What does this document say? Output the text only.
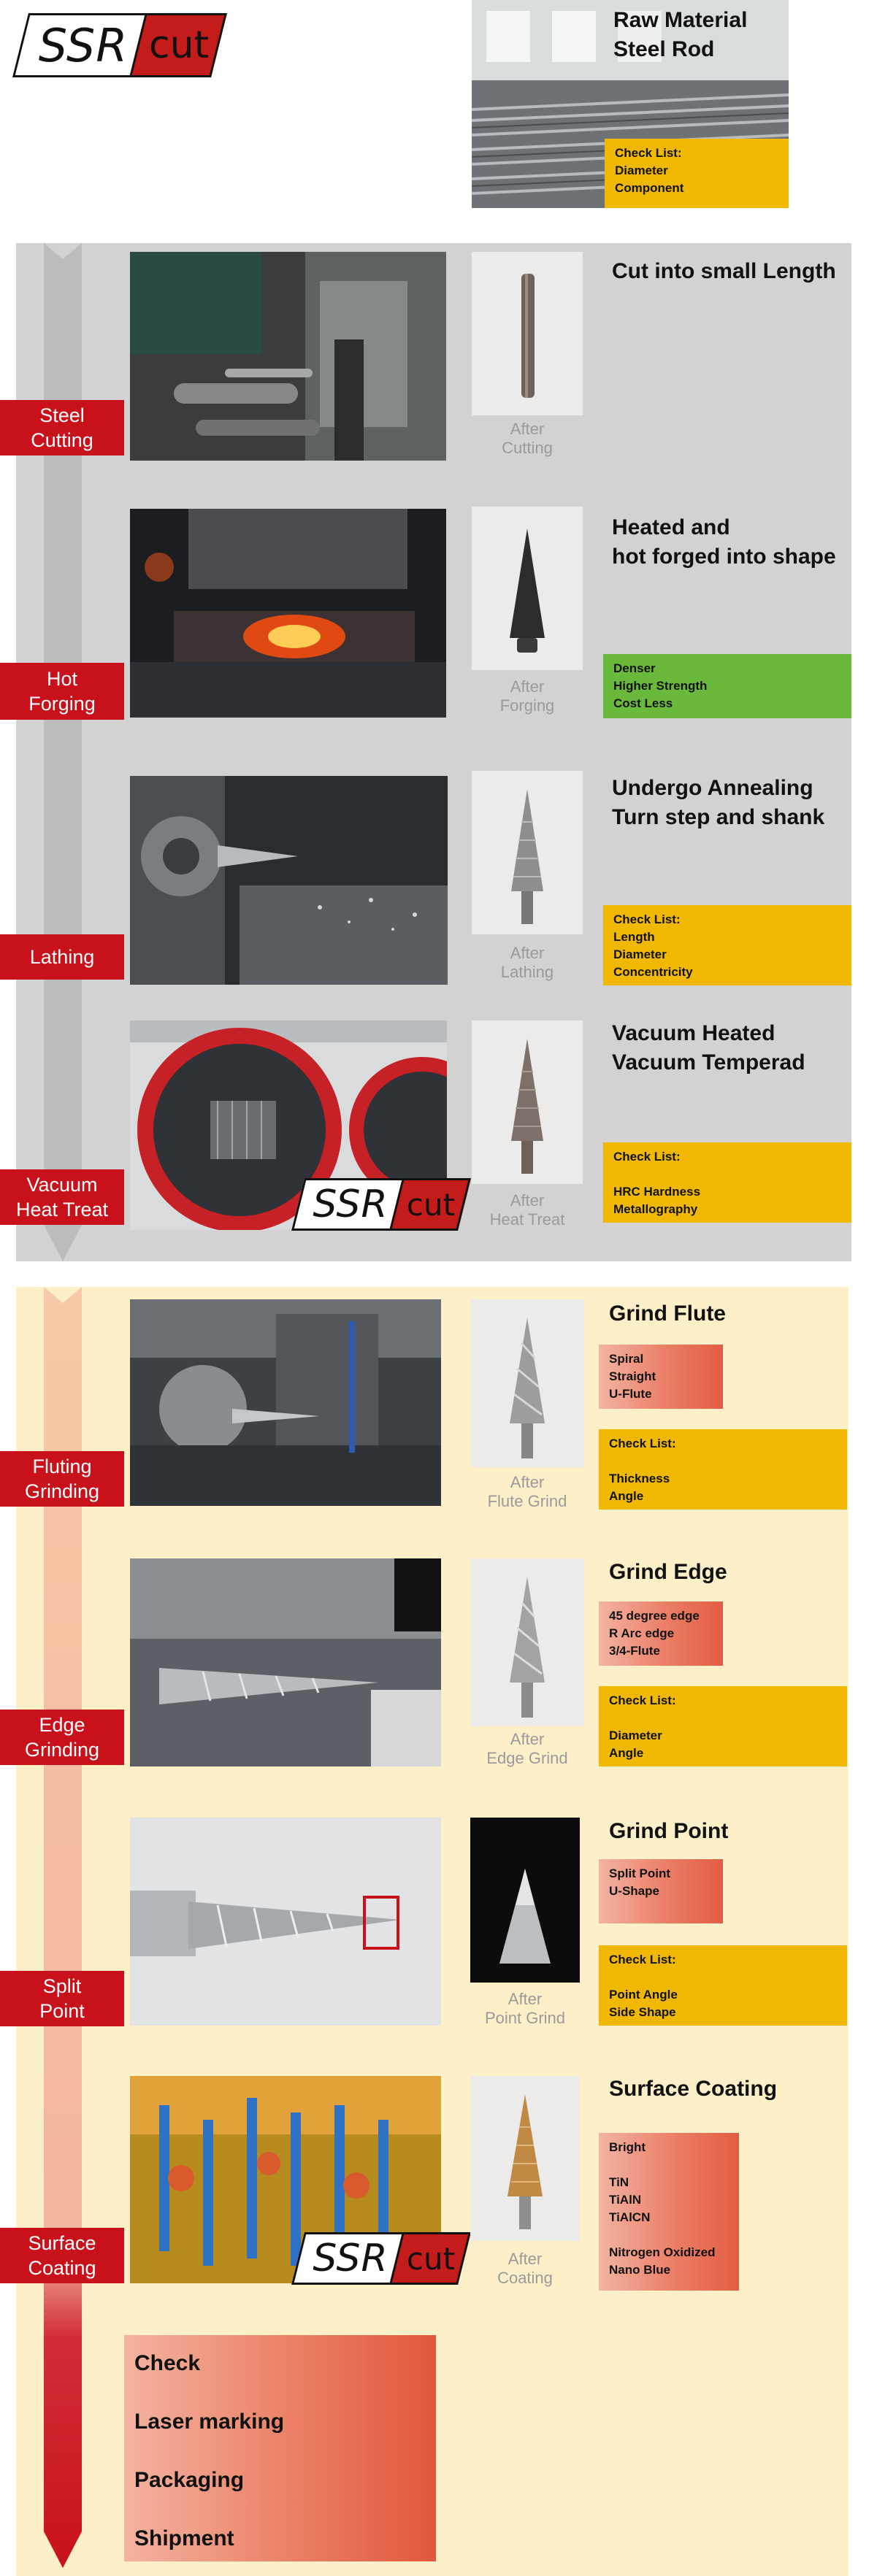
SSR cut
Raw Material
Steel Rod
Check List:
Diameter
Component
After
Cutting
Cut into small Length
Steel
Cutting
After
Forging
Heated and
hot forged into shape
Denser
Higher Strength
Cost Less
Hot
Forging
After
Lathing
Undergo Annealing
Turn step and shank
Check List:
Length
Diameter
Concentricity
Lathing
SSR cut	After
Heat Treat
Vacuum Heated
Vacuum Temperad
Check List:

HRC Hardness
Metallography
Vacuum
Heat Treat
After
Flute Grind
Grind Flute
Spiral
Straight
U-Flute
Check List:

Thickness
Angle
Fluting
Grinding
After
Edge Grind
Grind Edge
45 degree edge
R Arc edge
3/4-Flute
Check List:

Diameter
Angle
Edge
Grinding
After
Point Grind
Grind Point
Split Point
U-Shape
Check List:

Point Angle
Side Shape
Split
Point
SSR cut	After
Coating
Surface Coating
Bright

TiN
TiAlN
TiAlCN

Nitrogen Oxidized
Nano Blue
Surface
Coating
Check
Laser marking
Packaging
Shipment
